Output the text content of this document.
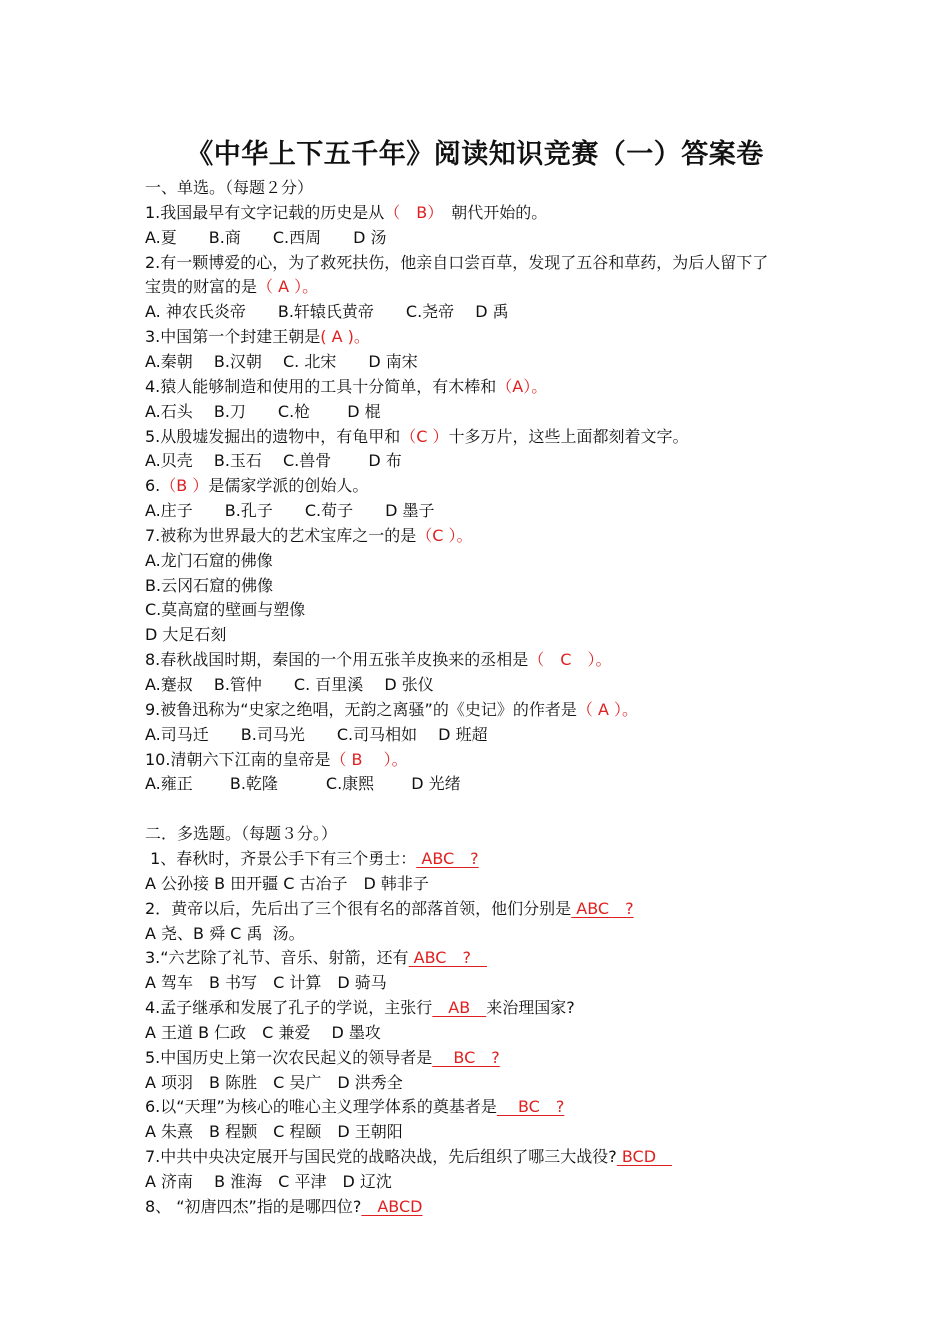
《中华上下五千年》阅读知识竞赛（一）答案卷
一、单选。（每题２分）
1.我国最早有文字记载的历史是从（　B）　朝代开始的。
A.夏　　B.商　　C.西周　　D 汤
2.有一颗博爱的心，为了救死扶伤，他亲自口尝百草，发现了五谷和草药，为后人留下了
宝贵的财富的是（ A ）。
A. 神农氏炎帝　　B.轩辕氏黄帝　　C.尧帝　 D 禹
3.中国第一个封建王朝是( A )。
A.秦朝　 B.汉朝　 C. 北宋　　D 南宋
4.猿人能够制造和使用的工具十分简单，有木棒和（A）。
A.石头　 B.刀　　C.枪　　 D 棍
5.从殷墟发掘出的遗物中，有龟甲和（C ）十多万片，这些上面都刻着文字。
A.贝壳　 B.玉石　 C.兽骨　　 D 布
6.（B ）是儒家学派的创始人。
A.庄子　　B.孔子　　C.荀子　　D 墨子
7.被称为世界最大的艺术宝库之一的是（C ）。
A.龙门石窟的佛像
B.云冈石窟的佛像
C.莫高窟的壁画与塑像
D 大足石刻
8.春秋战国时期，秦国的一个用五张羊皮换来的丞相是（　C　）。
A.蹇叔　 B.管仲　　C. 百里溪　 D 张仪
9.被鲁迅称为“史家之绝唱，无韵之离骚”的《史记》的作者是（ A ）。
A.司马迁　　B.司马光　　C.司马相如　 D 班超
10.清朝六下江南的皇帝是（ B　 ）。
A.雍正　　 B.乾隆　　　C.康熙　　 D 光绪
二．多选题。（每题３分。）
1、春秋时，齐景公手下有三个勇士： ABC　?
A 公孙接 B 田开疆 C 古冶子　D 韩非子
2．黄帝以后，先后出了三个很有名的部落首领，他们分别是 ABC　?
A 尧、B 舜 C 禹  汤。
3.“六艺除了礼节、音乐、射箭，还有 ABC　?　
A 驾车　B 书写　C 计算　D 骑马
4.孟子继承和发展了孔子的学说，主张行　AB　来治理国家?
A 王道 B 仁政　C 兼爱　 D 墨攻
5.中国历史上第一次农民起义的领导者是　 BC　?
A 项羽　B 陈胜　C 吴广　D 洪秀全
6.以“天理”为核心的唯心主义理学体系的奠基者是　 BC　?
A 朱熹　B 程颢　C 程颐　D 王朝阳
7.中共中央决定展开与国民党的战略决战，先后组织了哪三大战役? BCD　
A 济南　 B 淮海　C 平津　D 辽沈
8、 “初唐四杰”指的是哪四位?　ABCD
